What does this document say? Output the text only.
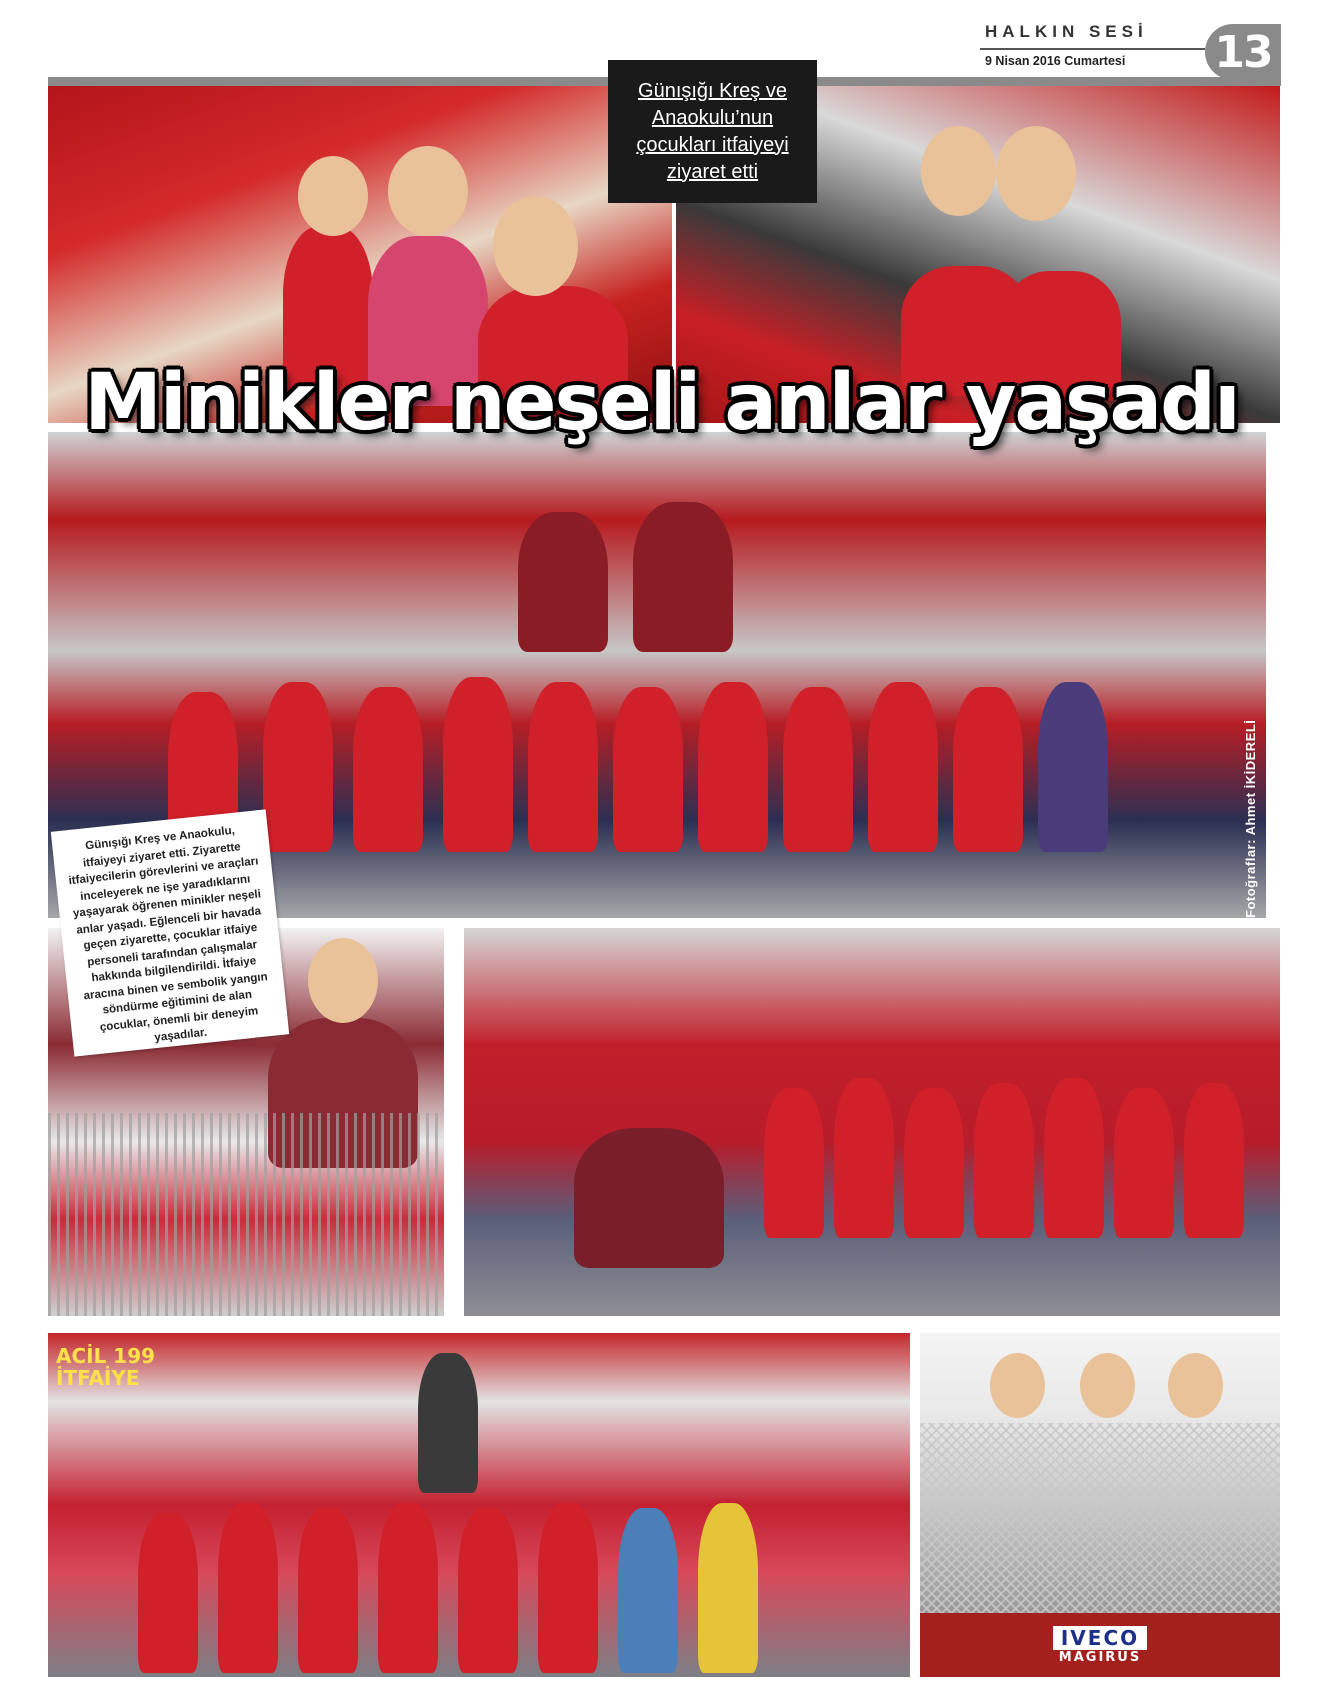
HALKIN SESİ
9 Nisan 2016 Cumartesi 13
Günışığı Kreş ve
Anaokulu’nun
çocukları itfaiyeyi
ziyaret etti
Minikler neşeli anlar yaşadı
Fotoğraflar: Ahmet İKİDERELİ

Günışığı Kreş ve Anaokulu, itfaiyeyi ziyaret etti. Ziyarette itfaiyecilerin görevlerini ve araçları inceleyerek ne işe yaradıklarını yaşayarak öğrenen minikler neşeli anlar yaşadı. Eğlenceli bir havada geçen ziyarette, çocuklar itfaiye personeli tarafından çalışmalar hakkında bilgilendirildi. İtfaiye aracına binen ve sembolik yangın söndürme eğitimini de alan çocuklar, önemli bir deneyim yaşadılar.

ACİL 199
İTFAİYE
IVECO
MAGIRUS
